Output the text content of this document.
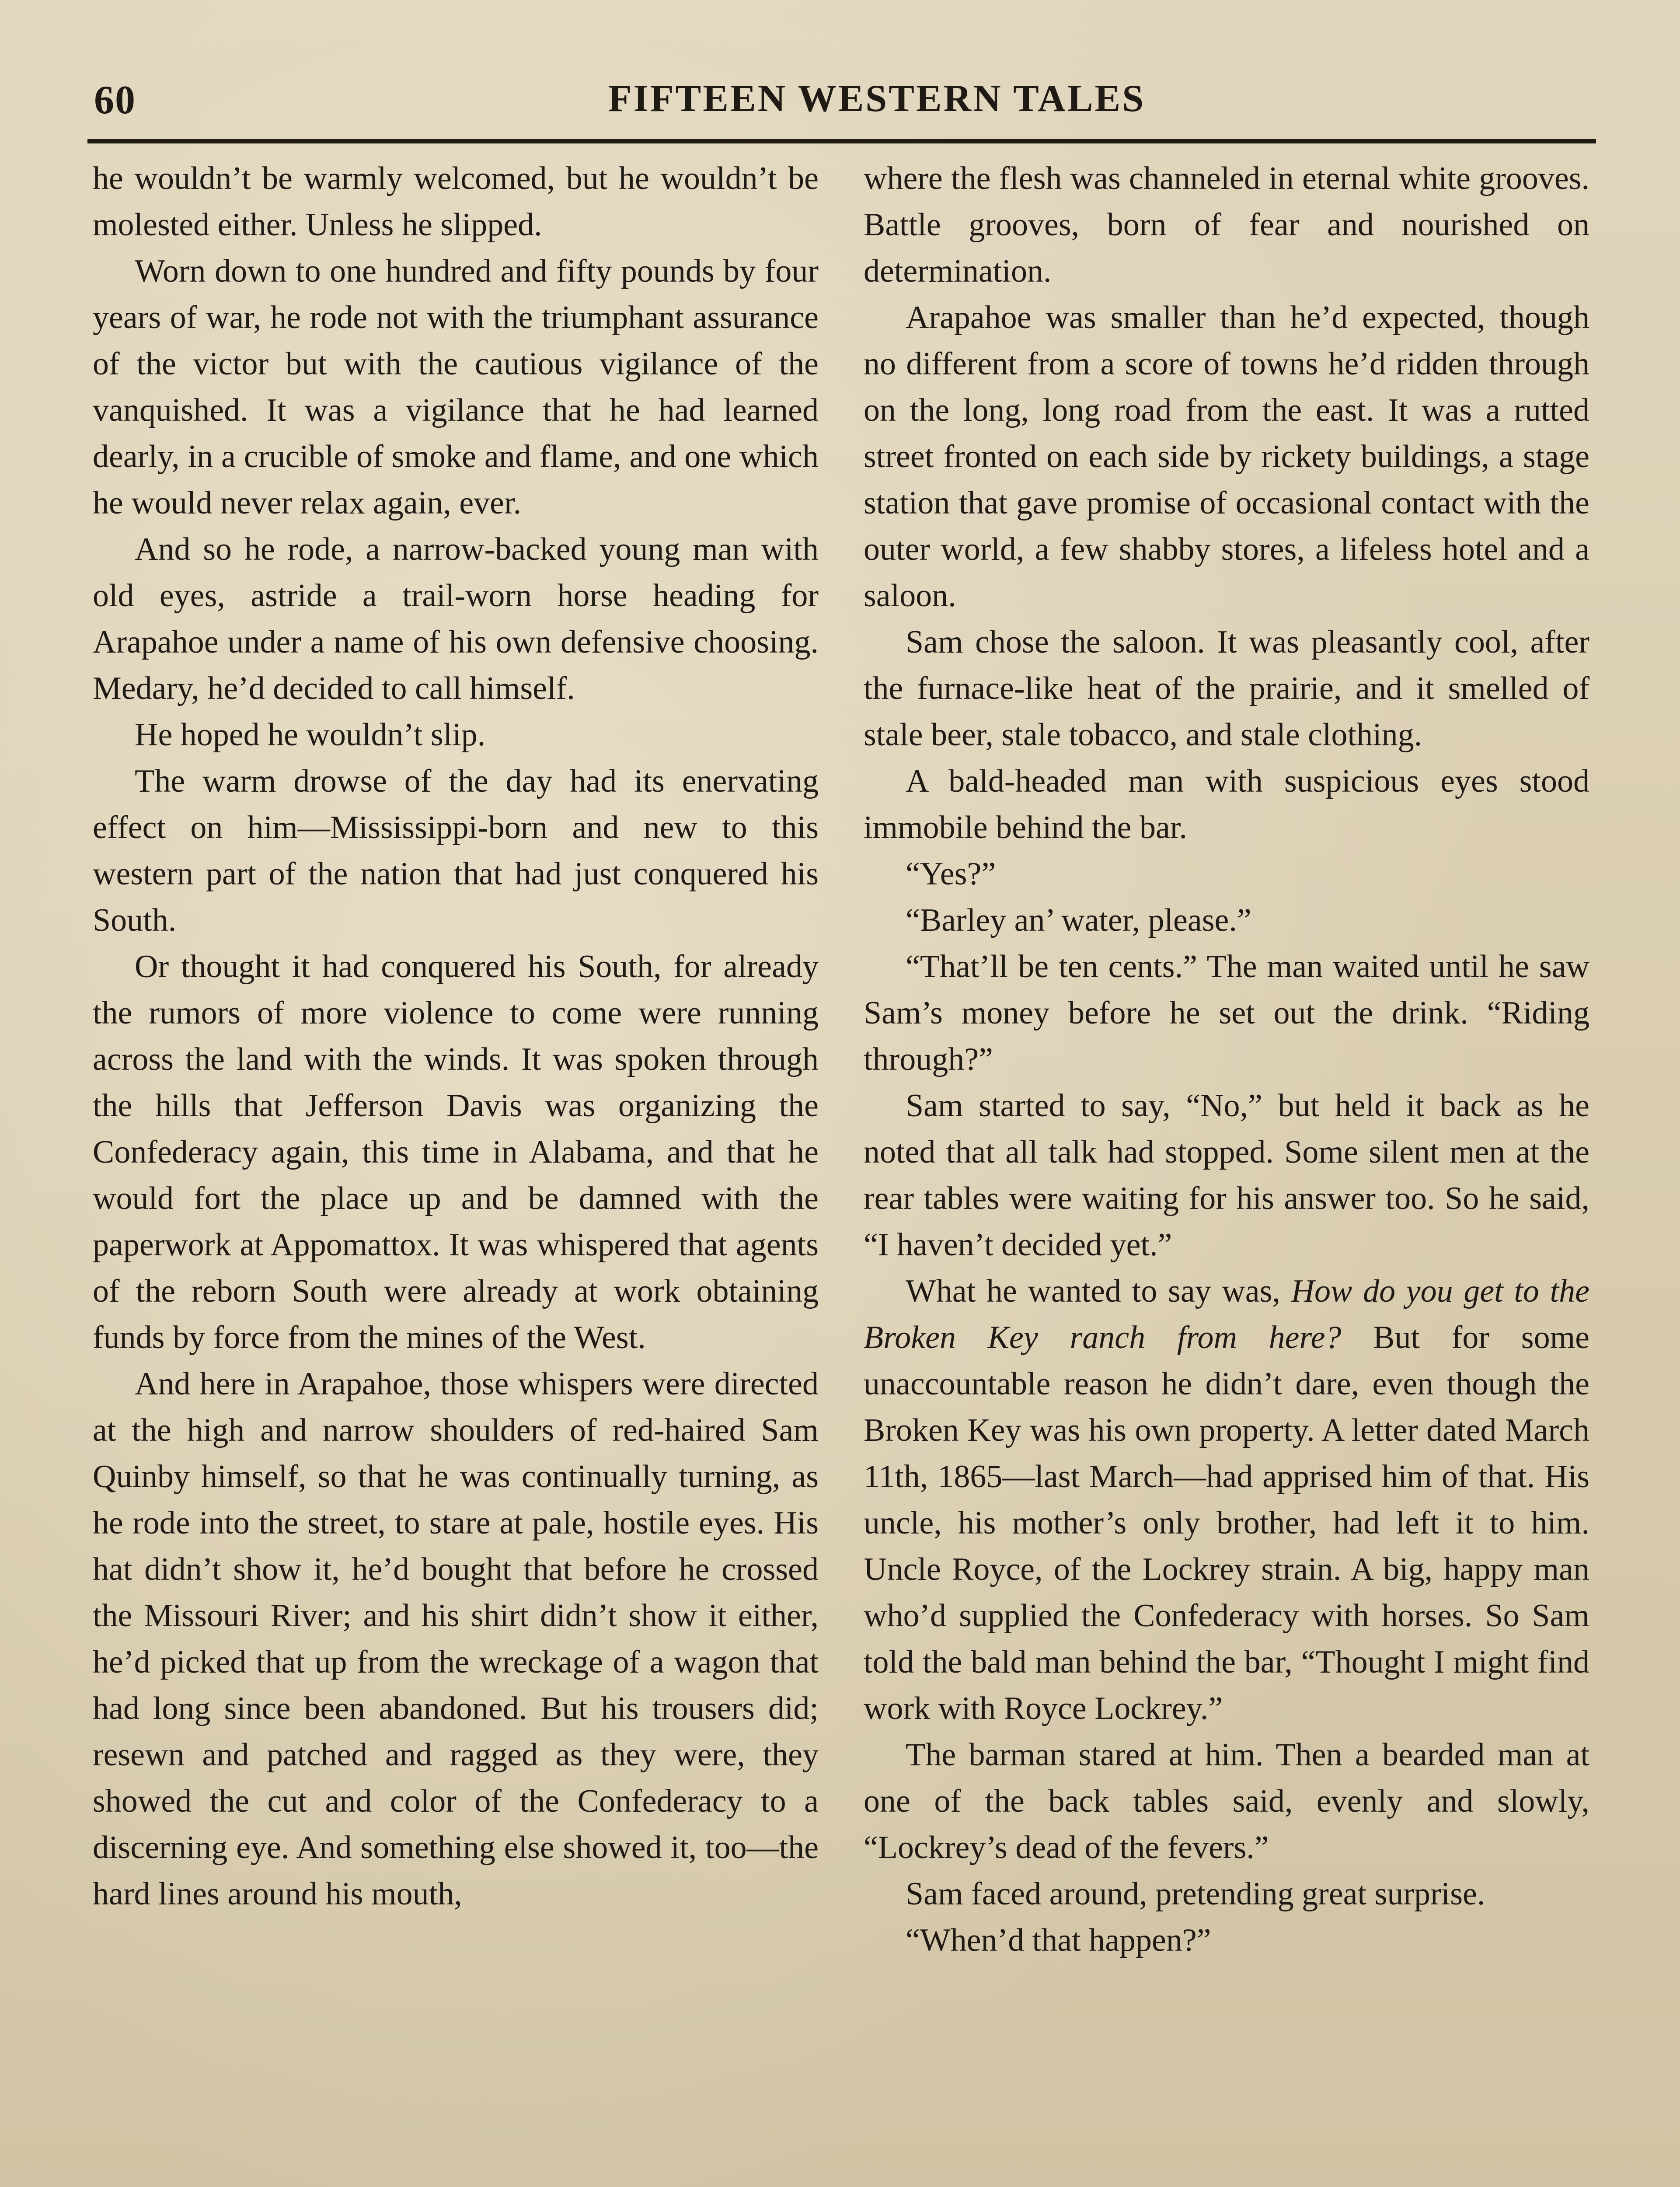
60	FIFTEEN WESTERN TALES

he wouldn’t be warmly welcomed, but he wouldn’t be molested either. Unless he slipped.

Worn down to one hundred and fifty pounds by four years of war, he rode not with the triumphant assurance of the victor but with the cautious vigilance of the vanquished. It was a vigilance that he had learned dearly, in a crucible of smoke and flame, and one which he would never relax again, ever.

And so he rode, a narrow-backed young man with old eyes, astride a trail-worn horse heading for Arapahoe under a name of his own defensive choosing. Medary, he’d decided to call himself.

He hoped he wouldn’t slip.

The warm drowse of the day had its enervating effect on him—Mississippi-born and new to this western part of the nation that had just conquered his South.

Or thought it had conquered his South, for already the rumors of more violence to come were running across the land with the winds. It was spoken through the hills that Jefferson Davis was organizing the Confederacy again, this time in Alabama, and that he would fort the place up and be damned with the paperwork at Appomattox. It was whispered that agents of the reborn South were already at work obtaining funds by force from the mines of the West.

And here in Arapahoe, those whispers were directed at the high and narrow shoulders of red-haired Sam Quinby himself, so that he was continually turning, as he rode into the street, to stare at pale, hostile eyes. His hat didn’t show it, he’d bought that before he crossed the Missouri River; and his shirt didn’t show it either, he’d picked that up from the wreckage of a wagon that had long since been abandoned. But his trousers did; resewn and patched and ragged as they were, they showed the cut and color of the Confederacy to a discerning eye. And something else showed it, too—the hard lines around his mouth,

where the flesh was channeled in eternal white grooves. Battle grooves, born of fear and nourished on determination.

Arapahoe was smaller than he’d expected, though no different from a score of towns he’d ridden through on the long, long road from the east. It was a rutted street fronted on each side by rickety buildings, a stage station that gave promise of occasional contact with the outer world, a few shabby stores, a lifeless hotel and a saloon.

Sam chose the saloon. It was pleasantly cool, after the furnace-like heat of the prairie, and it smelled of stale beer, stale tobacco, and stale clothing.

A bald-headed man with suspicious eyes stood immobile behind the bar.

“Yes?”

“Barley an’ water, please.”

“That’ll be ten cents.” The man waited until he saw Sam’s money before he set out the drink. “Riding through?”

Sam started to say, “No,” but held it back as he noted that all talk had stopped. Some silent men at the rear tables were waiting for his answer too. So he said, “I haven’t decided yet.”

What he wanted to say was, How do you get to the Broken Key ranch from here? But for some unaccountable reason he didn’t dare, even though the Broken Key was his own property. A letter dated March 11th, 1865—last March—had apprised him of that. His uncle, his mother’s only brother, had left it to him. Uncle Royce, of the Lockrey strain. A big, happy man who’d supplied the Confederacy with horses. So Sam told the bald man behind the bar, “Thought I might find work with Royce Lockrey.”

The barman stared at him. Then a bearded man at one of the back tables said, evenly and slowly, “Lockrey’s dead of the fevers.”

Sam faced around, pretending great surprise.

“When’d that happen?”
